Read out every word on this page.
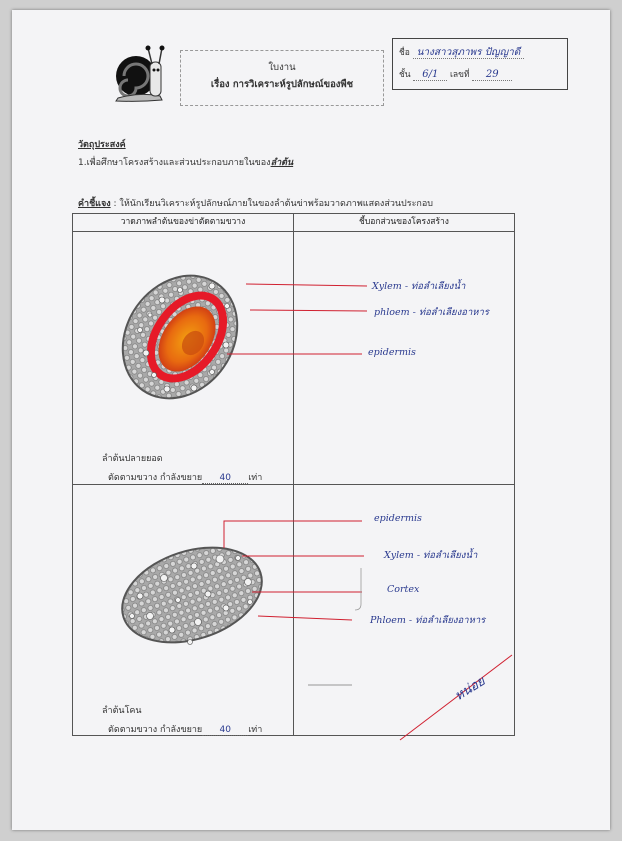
ใบงาน
เรื่อง การวิเคราะห์รูปลักษณ์ของพืช
ชื่อ นางสาวสุภาพร ปัญญาดี
ชั้น 6/1 เลขที่ 29
วัตถุประสงค์
1.เพื่อศึกษาโครงสร้างและส่วนประกอบภายในของลำต้น
คำชี้แจง : ให้นักเรียนวิเคราะห์รูปลักษณ์ภายในของลำต้นข่าพร้อมวาดภาพแสดงส่วนประกอบ
วาดภาพลำต้นของข่าตัดตามขวาง	ชี้บอกส่วนของโครงสร้าง

Xylem - ท่อลำเลียงน้ำ
phloem - ท่อลำเลียงอาหาร
epidermis
ลำต้นปลายยอด
ตัดตามขวาง กำลังขยาย 40 เท่า
epidermis
Xylem - ท่อลำเลียงน้ำ
Cortex
Phloem - ท่อลำเลียงอาหาร
ลำต้นโคน
ตัดตามขวาง กำลังขยาย 40 เท่า
หน่อย
